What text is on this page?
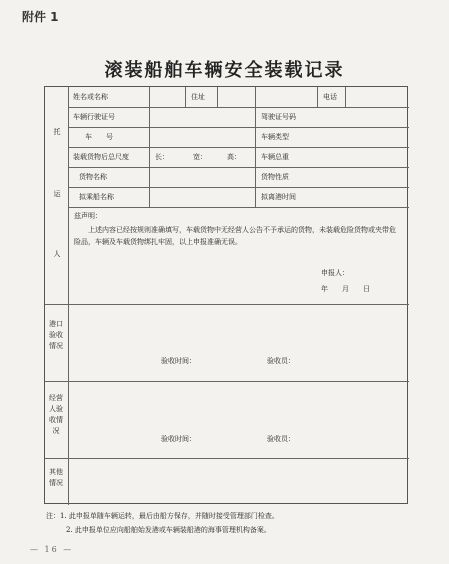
附件 1
滚装船舶车辆安全装载记录
托
运
人
港口验收情况
经营人验收情况
其他情况
姓名或名称	住址	电话
车辆行驶证号	驾驶证号码
车　　号	车辆类型
装载货物后总尺度	长：	宽：	高：	车辆总重
货物名称	货物性质
拟乘船名称	拟离港时间
兹声明：
上述内容已经按规则准确填写，车载货物中无经营人公告不予承运的货物，未装载危险货物或夹带危险品，车辆及车载货物绑扎牢固，以上申报准确无误。
申报人：
年　　月　　日
验收时间：	验收员：
验收时间：	验收员：
注：1. 此申报单随车辆运转，最后由船方保存，并随时接受管理部门检查。
2. 此申报单位应向船舶始发港或车辆装船港的海事管理机构备案。
— 16 —
